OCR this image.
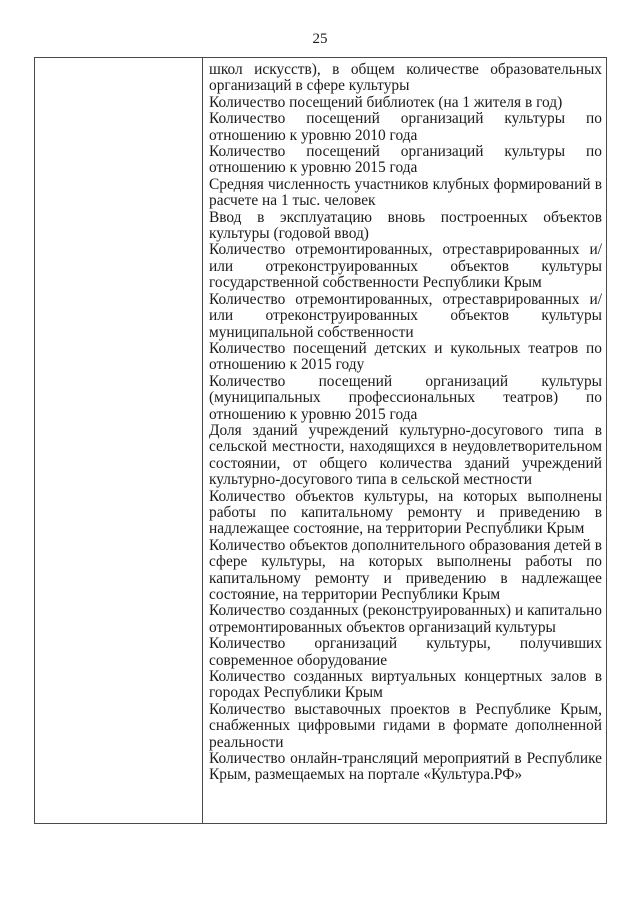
25

школ искусств), в общем количестве образовательных организаций в сфере культуры

Количество посещений библиотек (на 1 жителя в год)

Количество посещений организаций культуры по отношению к уровню 2010 года

Количество посещений организаций культуры по отношению к уровню 2015 года

Средняя численность участников клубных формирований в расчете на 1 тыс. человек

Ввод в эксплуатацию вновь построенных объектов культуры (годовой ввод)

Количество отремонтированных, отреставрированных и/или отреконструированных объектов культуры государственной собственности Республики Крым

Количество отремонтированных, отреставрированных и/или отреконструированных объектов культуры муниципальной собственности

Количество посещений детских и кукольных театров по отношению к 2015 году

Количество посещений организаций культуры (муниципальных профессиональных театров) по отношению к уровню 2015 года

Доля зданий учреждений культурно-досугового типа в сельской местности, находящихся в неудовлетворительном состоянии, от общего количества зданий учреждений культурно-досугового типа в сельской местности

Количество объектов культуры, на которых выполнены работы по капитальному ремонту и приведению в надлежащее состояние, на территории Республики Крым

Количество объектов дополнительного образования детей в сфере культуры, на которых выполнены работы по капитальному ремонту и приведению в надлежащее состояние, на территории Республики Крым

Количество созданных (реконструированных) и капитально отремонтированных объектов организаций культуры

Количество организаций культуры, получивших современное оборудование

Количество созданных виртуальных концертных залов в городах Республики Крым

Количество выставочных проектов в Республике Крым, снабженных цифровыми гидами в формате дополненной реальности

Количество онлайн-трансляций мероприятий в Республике Крым, размещаемых на портале «Культура.РФ»
